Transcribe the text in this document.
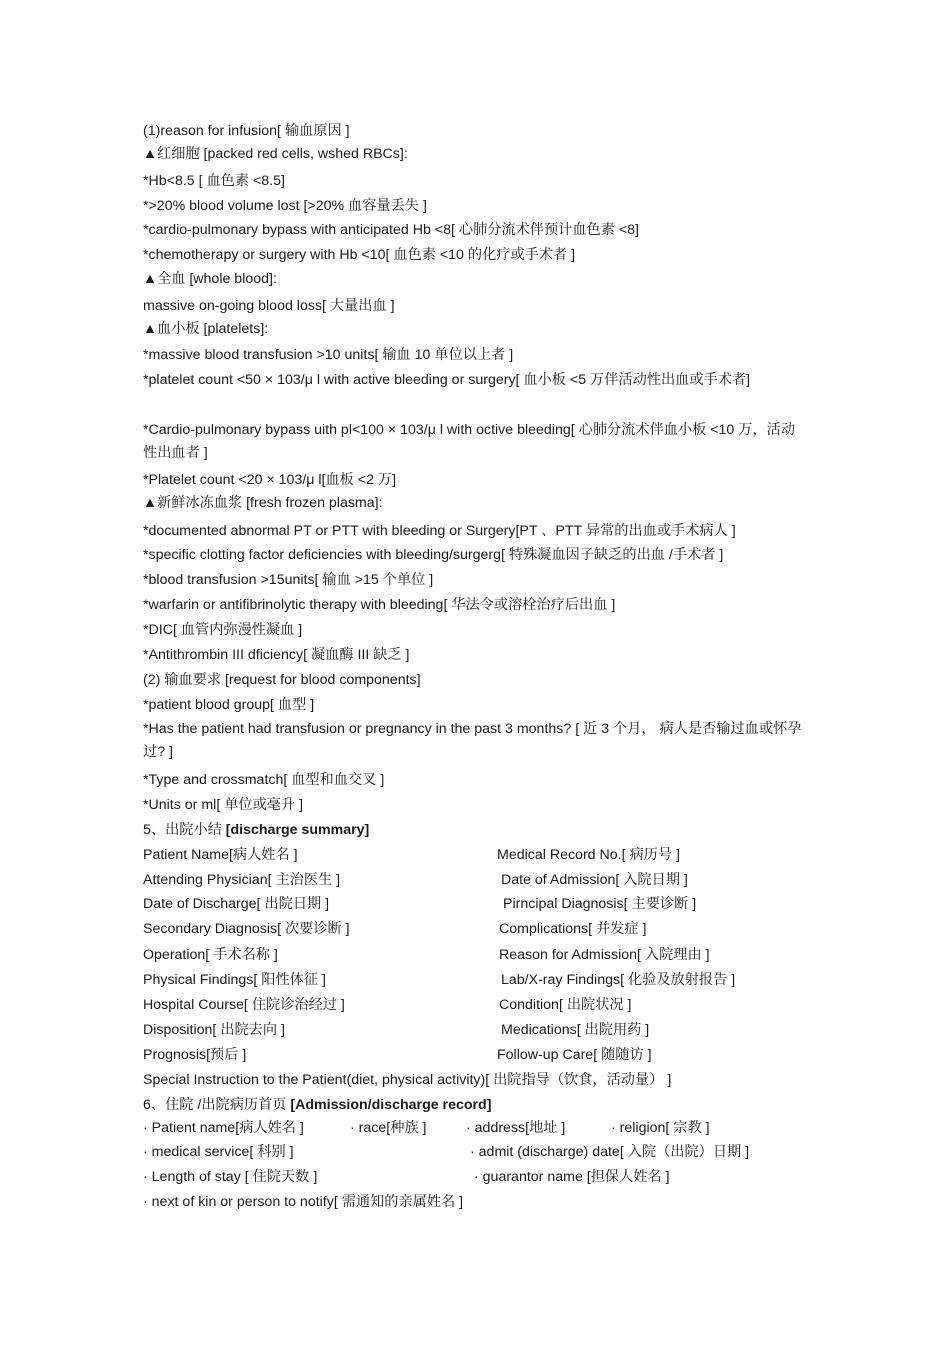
(1)reason for infusion[ 输血原因 ]
▲红细胞 [packed red cells, wshed RBCs]:
*Hb<8.5 [ 血色素 <8.5]
*>20% blood volume lost [>20% 血容量丢失 ]
*cardio-pulmonary bypass with anticipated Hb <8[ 心肺分流术伴预计血色素 <8]
*chemotherapy or surgery with Hb <10[ 血色素 <10 的化疗或手术者 ]
▲全血 [whole blood]:
massive on-going blood loss[ 大量出血 ]
▲血小板 [platelets]:
*massive blood transfusion >10 units[ 输血 10 单位以上者 ]
*platelet count <50 × 103/μ l with active bleeding or surgery[ 血小板 <5 万伴活动性出血或手术者]
*Cardio-pulmonary bypass uith pl<100 × 103/μ l with octive bleeding[ 心肺分流术伴血小板 <10 万，活动性出血者 ]
*Platelet count <20 × 103/μ l[血板 <2 万]
▲新鲜冰冻血浆 [fresh frozen plasma]:
*documented abnormal PT or PTT with bleeding or Surgery[PT 、PTT 异常的出血或手术病人 ]
*specific clotting factor deficiencies with bleeding/surgerg[ 特殊凝血因子缺乏的出血 /手术者 ]
*blood transfusion >15units[ 输血 >15 个单位 ]
*warfarin or antifibrinolytic therapy with bleeding[ 华法令或溶栓治疗后出血 ]
*DIC[ 血管内弥漫性凝血 ]
*Antithrombin III dficiency[ 凝血酶 III 缺乏 ]
(2) 输血要求 [request for blood components]
*patient blood group[ 血型 ]
*Has the patient had transfusion or pregnancy in the past 3 months? [ 近 3 个月， 病人是否输过血或怀孕过? ]
*Type and crossmatch[ 血型和血交叉 ]
*Units or ml[ 单位或毫升 ]
5、出院小结 [discharge summary]
Patient Name[病人姓名 ]	Medical Record No.[ 病历号 ]
Attending Physician[ 主治医生 ]	Date of Admission[ 入院日期 ]
Date of Discharge[ 出院日期 ]	Pirncipal Diagnosis[ 主要诊断 ]
Secondary Diagnosis[ 次要诊断 ]	Complications[ 并发症 ]
Operation[ 手术名称 ]	Reason for Admission[ 入院理由 ]
Physical Findings[ 阳性体征 ]	Lab/X-ray Findings[ 化验及放射报告 ]
Hospital Course[ 住院诊治经过 ]	Condition[ 出院状况 ]
Disposition[ 出院去向 ]	Medications[ 出院用药 ]
Prognosis[预后 ]	Follow-up Care[ 随随访 ]
Special Instruction to the Patient(diet, physical activity)[ 出院指导（饮食，活动量） ]
6、住院 /出院病历首页 [Admission/discharge record]
· Patient name[病人姓名 ]	· race[种族 ]	· address[地址 ]	· religion[ 宗教 ]
· medical service[ 科别 ]	· admit (discharge) date[ 入院（出院）日期 ]
· Length of stay [ 住院天数 ]	· guarantor name [担保人姓名 ]
· next of kin or person to notify[ 需通知的亲属姓名 ]
